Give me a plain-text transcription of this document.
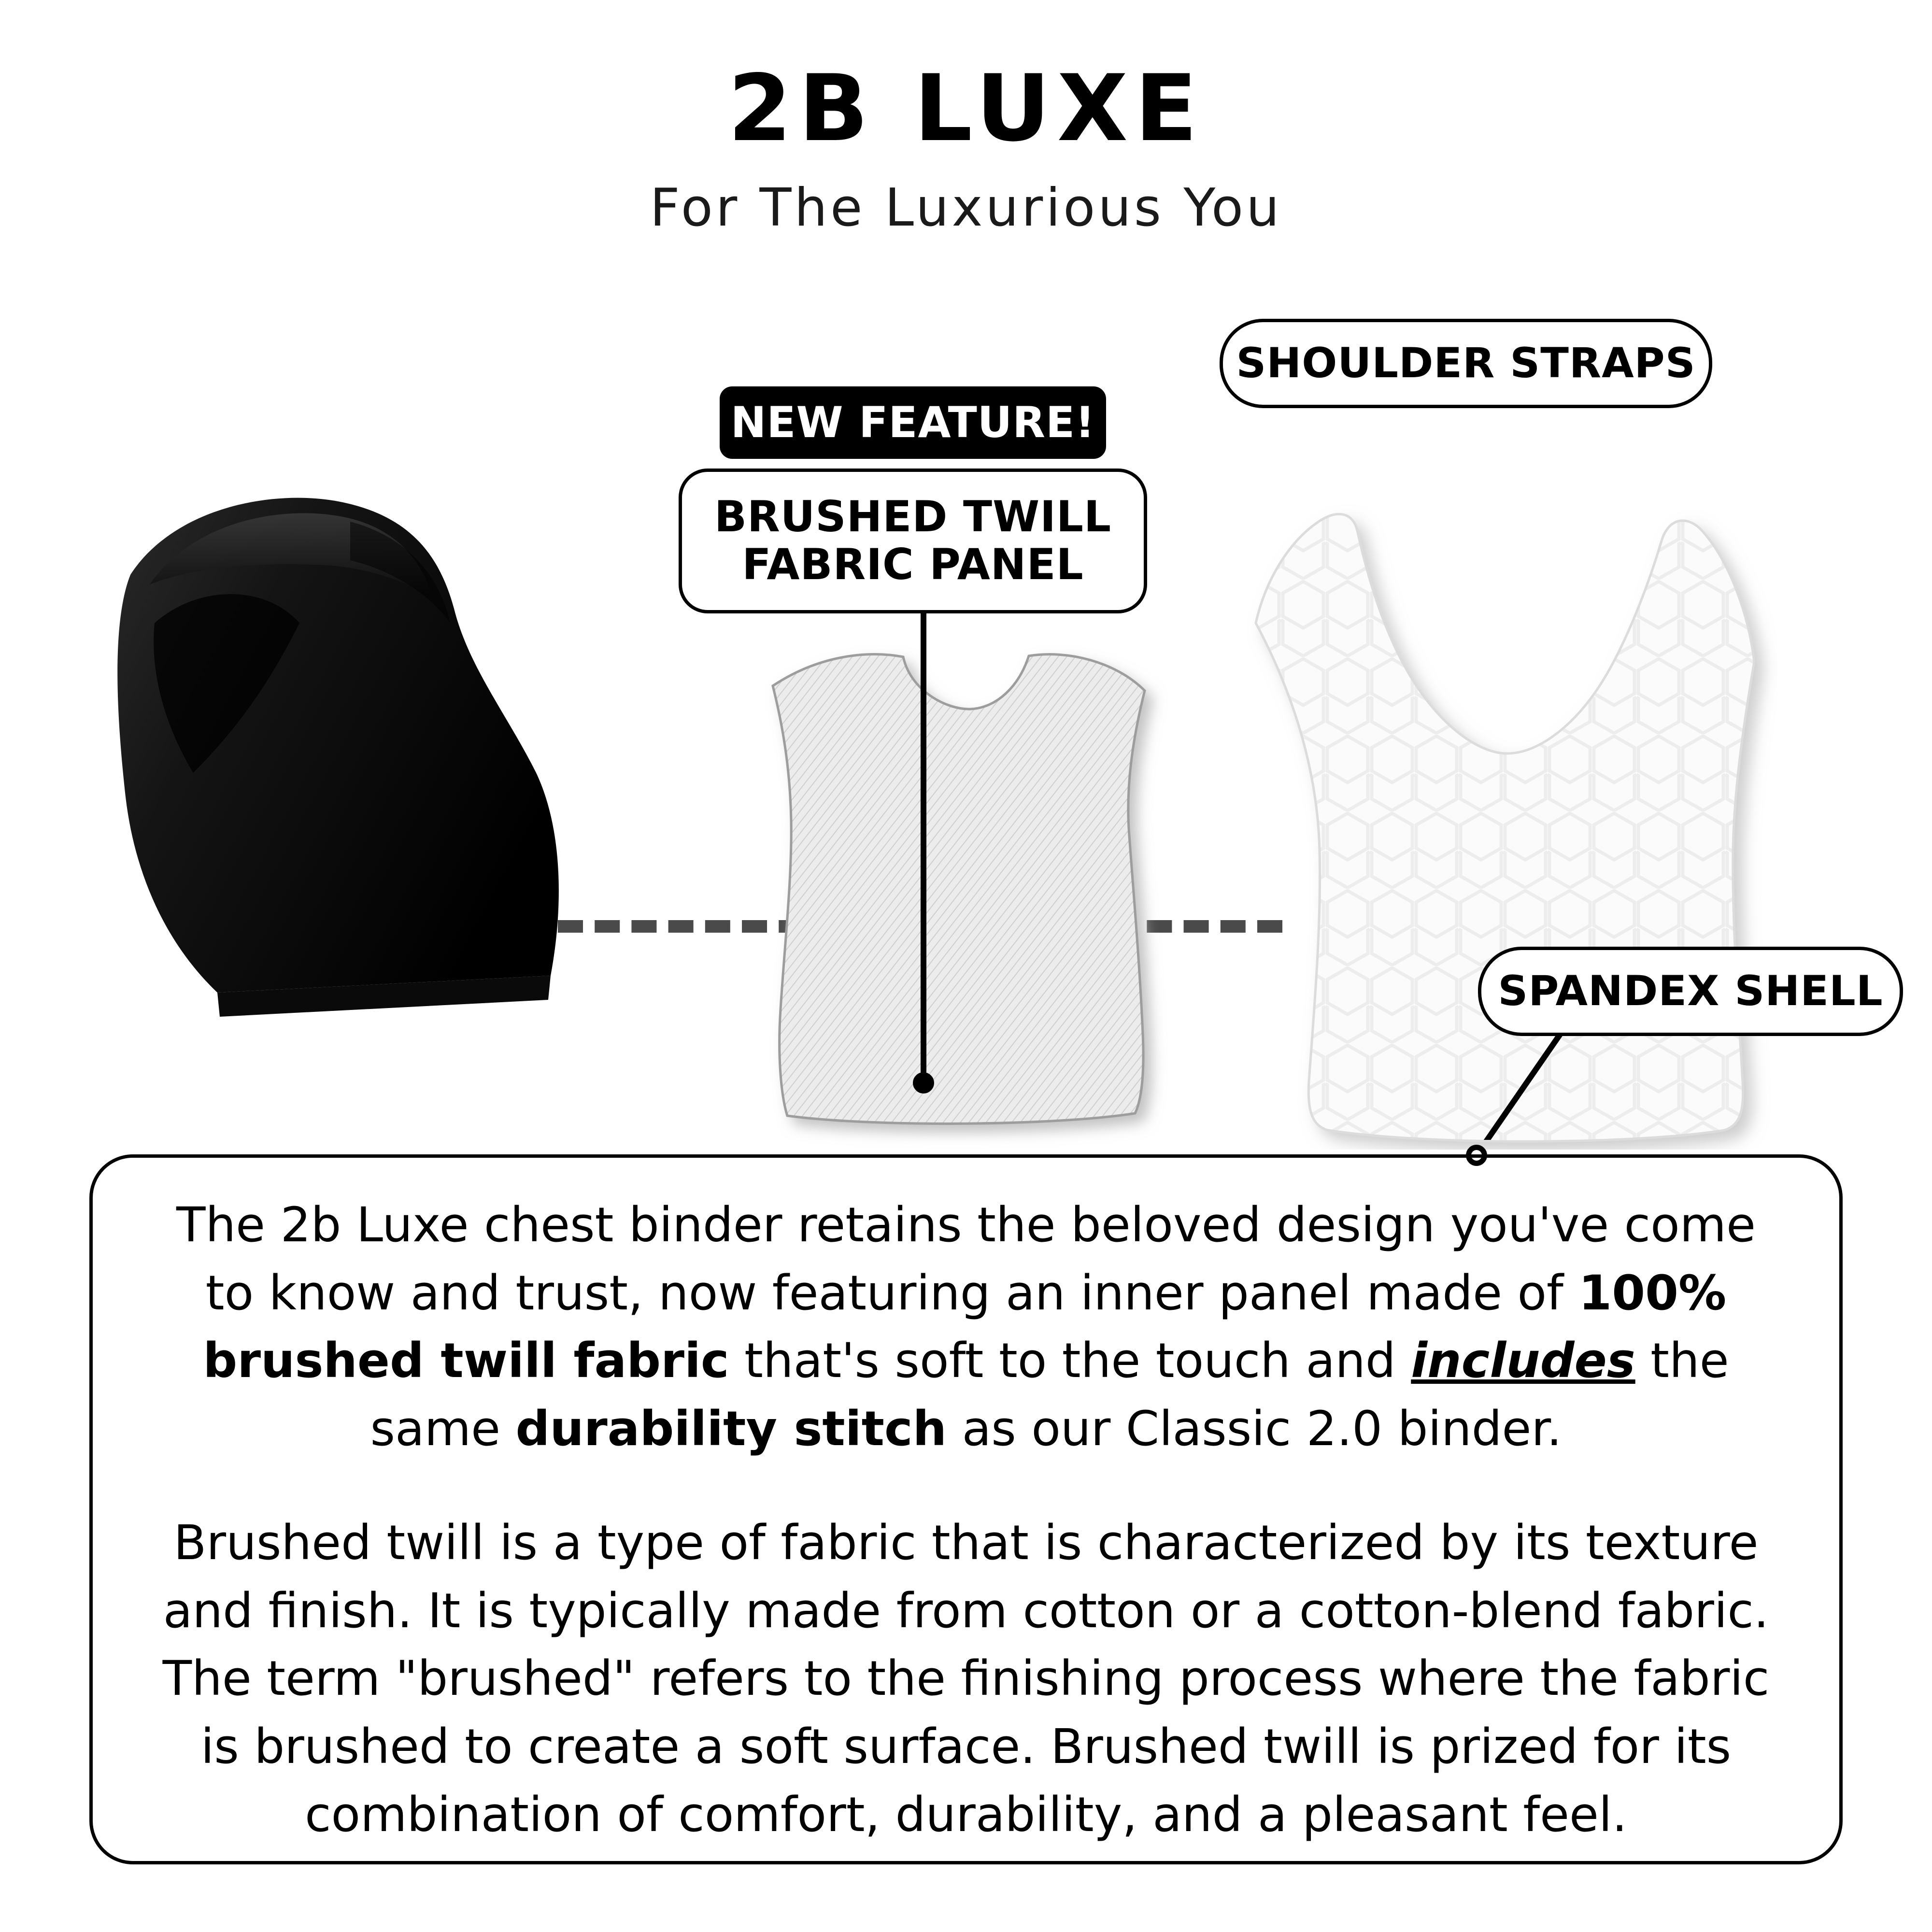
2B LUXE
For The Luxurious You
NEW FEATURE!
BRUSHED TWILL FABRIC PANEL
SHOULDER STRAPS
SPANDEX SHELL

The 2b Luxe chest binder retains the beloved design you've come to know and trust, now featuring an inner panel made of 100% brushed twill fabric that's soft to the touch and includes the same durability stitch as our Classic 2.0 binder.

Brushed twill is a type of fabric that is characterized by its texture and finish. It is typically made from cotton or a cotton-blend fabric. The term "brushed" refers to the finishing process where the fabric is brushed to create a soft surface. Brushed twill is prized for its combination of comfort, durability, and a pleasant feel.
